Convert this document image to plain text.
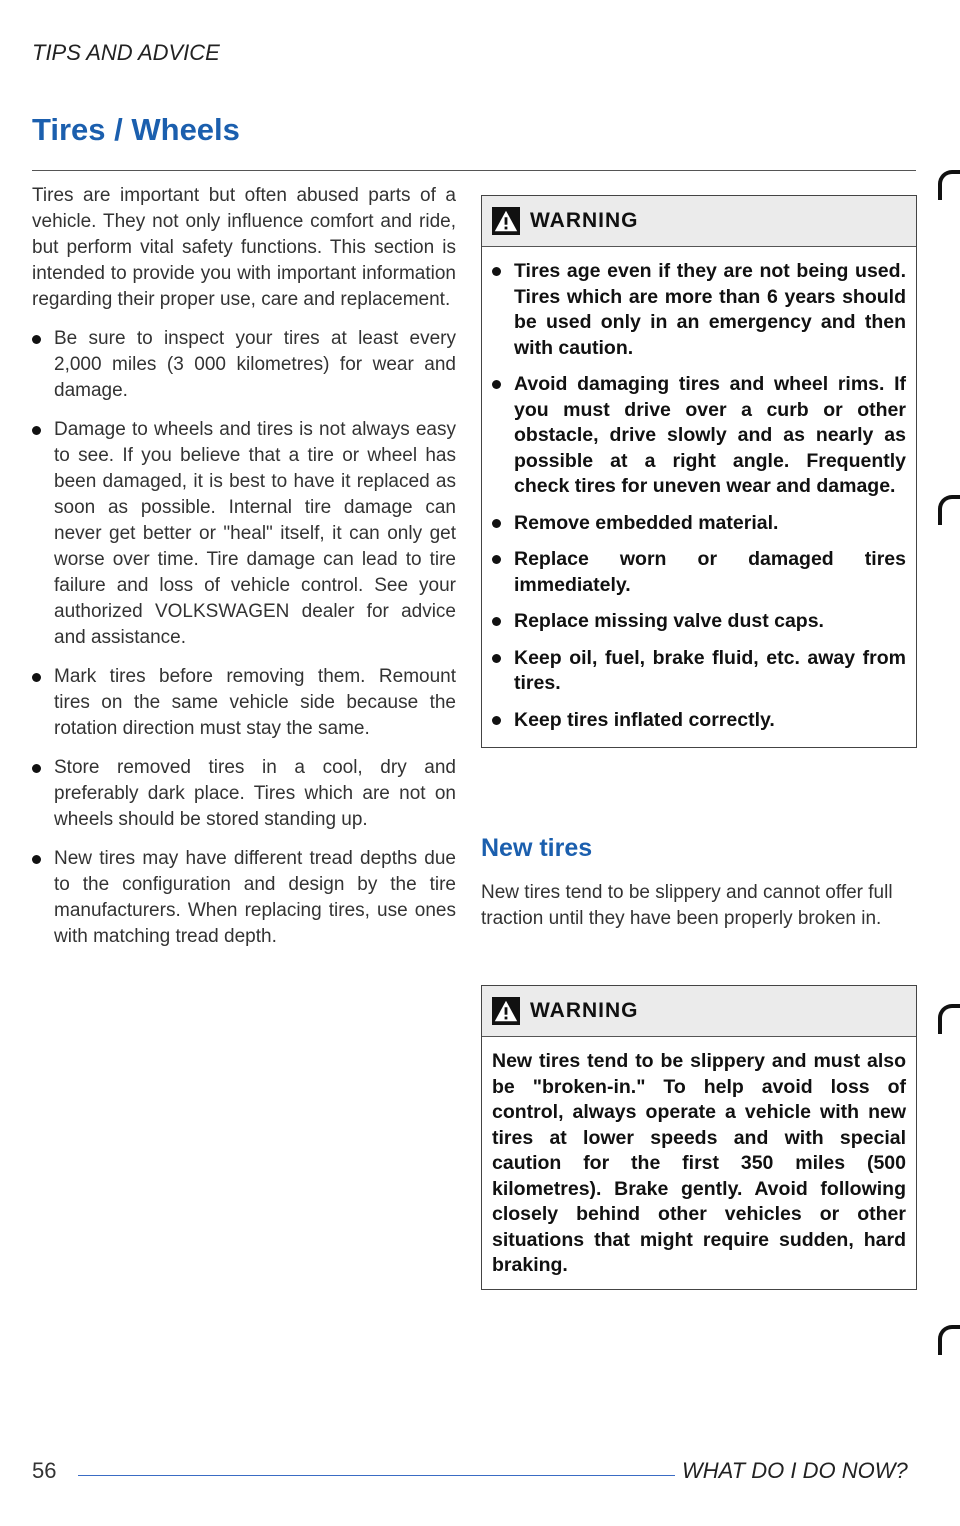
TIPS AND ADVICE
Tires / Wheels

Tires are important but often abused parts of a vehicle. They not only influence comfort and ride, but perform vital safety functions. This section is intended to provide you with important information regarding their proper use, care and replacement.

Be sure to inspect your tires at least every 2,000 miles (3 000 kilometres) for wear and damage.

Damage to wheels and tires is not always easy to see. If you believe that a tire or wheel has been damaged, it is best to have it replaced as soon as possible. Internal tire damage can never get better or "heal" itself, it can only get worse over time. Tire damage can lead to tire failure and loss of vehicle control. See your authorized VOLKSWAGEN dealer for advice and assistance.

Mark tires before removing them. Remount tires on the same vehicle side because the rotation direction must stay the same.

Store removed tires in a cool, dry and preferably dark place. Tires which are not on wheels should be stored standing up.

New tires may have different tread depths due to the configuration and design by the tire manufacturers. When replacing tires, use ones with matching tread depth.

WARNING
Tires age even if they are not being used. Tires which are more than 6 years should be used only in an emergency and then with caution.
Avoid damaging tires and wheel rims. If you must drive over a curb or other obstacle, drive slowly and as nearly as possible at a right angle. Frequently check tires for uneven wear and damage.
Remove embedded material.
Replace worn or damaged tires immediately.
Replace missing valve dust caps.
Keep oil, fuel, brake fluid, etc. away from tires.
Keep tires inflated correctly.
New tires
New tires tend to be slippery and cannot offer full traction until they have been properly broken in.
WARNING
New tires tend to be slippery and must also be "broken-in." To help avoid loss of control, always operate a vehicle with new tires at lower speeds and with special caution for the first 350 miles (500 kilometres). Brake gently. Avoid following closely behind other vehicles or other situations that might require sudden, hard braking.
56	WHAT DO I DO NOW?
